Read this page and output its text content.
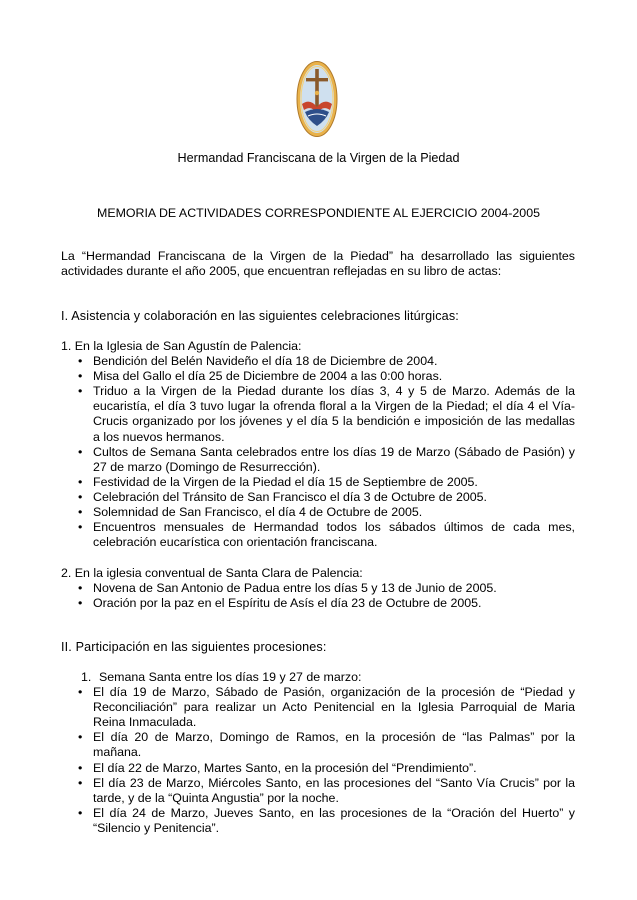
Hermandad Franciscana de la Virgen de la Piedad
MEMORIA DE ACTIVIDADES CORRESPONDIENTE AL EJERCICIO 2004-2005
La “Hermandad Franciscana de la Virgen de la Piedad” ha desarrollado las siguientes actividades durante el año 2005, que encuentran reflejadas en su libro de actas:
I. Asistencia y colaboración en las siguientes celebraciones litúrgicas:

1. En la Iglesia de San Agustín de Palencia:

• Bendición del Belén Navideño el día 18 de Diciembre de 2004.
• Misa del Gallo el día 25 de Diciembre de 2004 a las 0:00 horas.
• Triduo a la Virgen de la Piedad durante los días 3, 4 y 5 de Marzo. Además de la eucaristía, el día 3 tuvo lugar la ofrenda floral a la Virgen de la Piedad; el día 4 el Vía-Crucis organizado por los jóvenes y el día 5 la bendición e imposición de las medallas a los nuevos hermanos.
• Cultos de Semana Santa celebrados entre los días 19 de Marzo (Sábado de Pasión) y 27 de marzo (Domingo de Resurrección).
• Festividad de la Virgen de la Piedad el día 15 de Septiembre de 2005.
• Celebración del Tránsito de San Francisco el día 3 de Octubre de 2005.
• Solemnidad de San Francisco, el día 4 de Octubre de 2005.
• Encuentros mensuales de Hermandad todos los sábados últimos de cada mes, celebración eucarística con orientación franciscana.

2. En la iglesia conventual de Santa Clara de Palencia:

• Novena de San Antonio de Padua entre los días 5 y 13 de Junio de 2005.
• Oración por la paz en el Espíritu de Asís el día 23 de Octubre de 2005.
II. Participación en las siguientes procesiones:

1. Semana Santa entre los días 19 y 27 de marzo:

• El día 19 de Marzo, Sábado de Pasión, organización de la procesión de “Piedad y Reconciliación” para realizar un Acto Penitencial en la Iglesia Parroquial de Maria Reina Inmaculada.
• El día 20 de Marzo, Domingo de Ramos, en la procesión de “las Palmas” por la mañana.
• El día 22 de Marzo, Martes Santo, en la procesión del “Prendimiento”.
• El día 23 de Marzo, Miércoles Santo, en las procesiones del “Santo Vía Crucis” por la tarde, y de la “Quinta Angustia” por la noche.
• El día 24 de Marzo, Jueves Santo, en las procesiones de la “Oración del Huerto” y “Silencio y Penitencia”.
